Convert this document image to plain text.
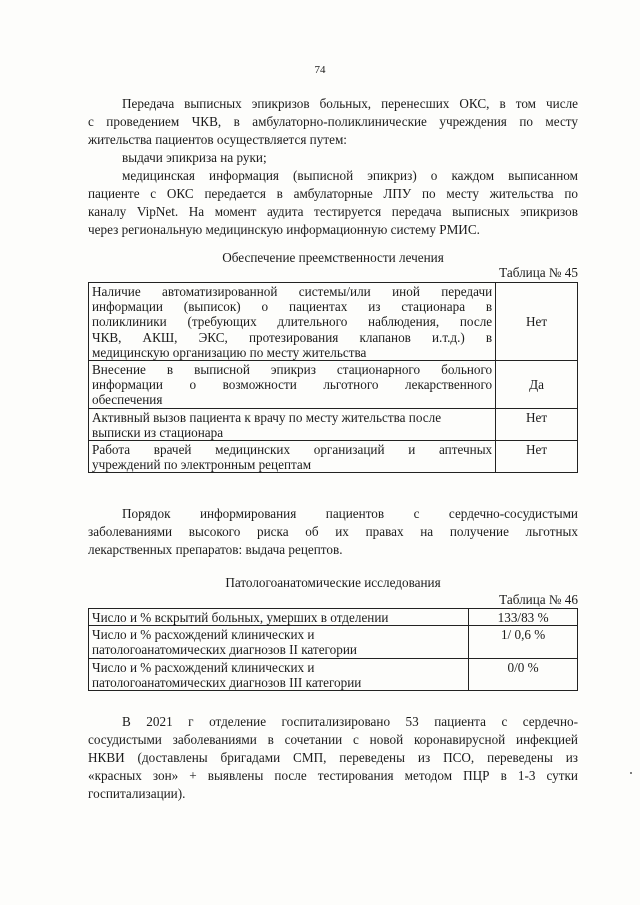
74
Передача выписных эпикризов больных, перенесших ОКС, в том числе
с проведением ЧКВ, в амбулаторно-поликлинические учреждения по месту
жительства пациентов осуществляется путем:
выдачи эпикриза на руки;
медицинская информация (выписной эпикриз) о каждом выписанном
пациенте с ОКС передается в амбулаторные ЛПУ по месту жительства по
каналу VipNet. На момент аудита тестируется передача выписных эпикризов
через региональную медицинскую информационную систему РМИС.
Обеспечение преемственности лечения
Таблица № 45
Наличие автоматизированной системы/или иной передачи
информации (выписок) о пациентах из стационара в
поликлиники (требующих длительного наблюдения, после
ЧКВ, АКШ, ЭКС, протезирования клапанов и.т.д.) в
медицинскую организацию по месту жительства	Нет

Внесение в выписной эпикриз стационарного больного
информации о возможности льготного лекарственного
обеспечения	Да

Активный вызов пациента к врачу по месту жительства после
выписки из стационара	Нет

Работа врачей медицинских организаций и аптечных
учреждений по электронным рецептам	Нет
Порядок информирования пациентов с сердечно-сосудистыми
заболеваниями высокого риска об их правах на получение льготных
лекарственных препаратов: выдача рецептов.
Патологоанатомические исследования
Таблица № 46
Число и % вскрытий больных, умерших в отделении	133/83 %

Число и % расхождений клинических и
патологоанатомических диагнозов II категории	1/ 0,6 %

Число и % расхождений клинических и
патологоанатомических диагнозов III категории	0/0 %
В 2021 г отделение госпитализировано 53 пациента с сердечно-
сосудистыми заболеваниями в сочетании с новой коронавирусной инфекцией
НКВИ (доставлены бригадами СМП, переведены из ПСО, переведены из
«красных зон» + выявлены после тестирования методом ПЦР в 1-3 сутки
госпитализации).
